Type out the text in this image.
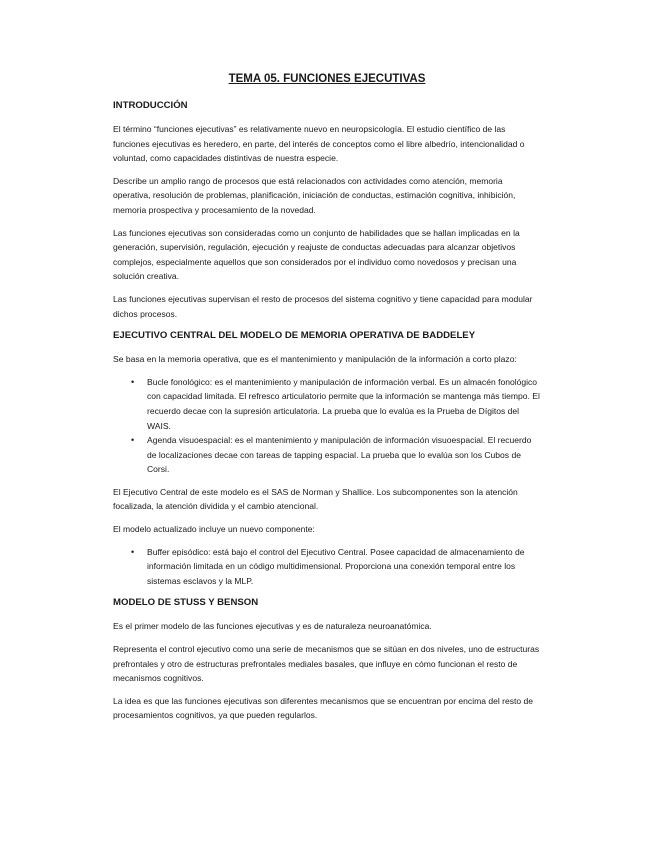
TEMA 05. FUNCIONES EJECUTIVAS
INTRODUCCIÓN

El término “funciones ejecutivas” es relativamente nuevo en neuropsicología. El estudio científico de las funciones ejecutivas es heredero, en parte, del interés de conceptos como el libre albedrío, intencionalidad o voluntad, como capacidades distintivas de nuestra especie.

Describe un amplio rango de procesos que está relacionados con actividades como atención, memoria operativa, resolución de problemas, planificación, iniciación de conductas, estimación cognitiva, inhibición, memoria prospectiva y procesamiento de la novedad.

Las funciones ejecutivas son consideradas como un conjunto de habilidades que se hallan implicadas en la generación, supervisión, regulación, ejecución y reajuste de conductas adecuadas para alcanzar objetivos complejos, especialmente aquellos que son considerados por el individuo como novedosos y precisan una solución creativa.

Las funciones ejecutivas supervisan el resto de procesos del sistema cognitivo y tiene capacidad para modular dichos procesos.

EJECUTIVO CENTRAL DEL MODELO DE MEMORIA OPERATIVA DE BADDELEY

Se basa en la memoria operativa, que es el mantenimiento y manipulación de la información a corto plazo:

• Bucle fonológico: es el mantenimiento y manipulación de información verbal. Es un almacén fonológico con capacidad limitada. El refresco articulatorio permite que la información se mantenga más tiempo. El recuerdo decae con la supresión articulatoria. La prueba que lo evalúa es la Prueba de Dígitos del WAIS.
• Agenda visuoespacial: es el mantenimiento y manipulación de información visuoespacial. El recuerdo de localizaciones decae con tareas de tapping espacial. La prueba que lo evalúa son los Cubos de Corsi.

El Ejecutivo Central de este modelo es el SAS de Norman y Shallice. Los subcomponentes son la atención focalizada, la atención dividida y el cambio atencional.

El modelo actualizado incluye un nuevo componente:

• Buffer episódico: está bajo el control del Ejecutivo Central. Posee capacidad de almacenamiento de información limitada en un código multidimensional. Proporciona una conexión temporal entre los sistemas esclavos y la MLP.
MODELO DE STUSS Y BENSON

Es el primer modelo de las funciones ejecutivas y es de naturaleza neuroanatómica.

Representa el control ejecutivo como una serie de mecanismos que se sitúan en dos niveles, uno de estructuras prefrontales y otro de estructuras prefrontales mediales basales, que influye en cómo funcionan el resto de mecanismos cognitivos.

La idea es que las funciones ejecutivas son diferentes mecanismos que se encuentran por encima del resto de procesamientos cognitivos, ya que pueden regularlos.
